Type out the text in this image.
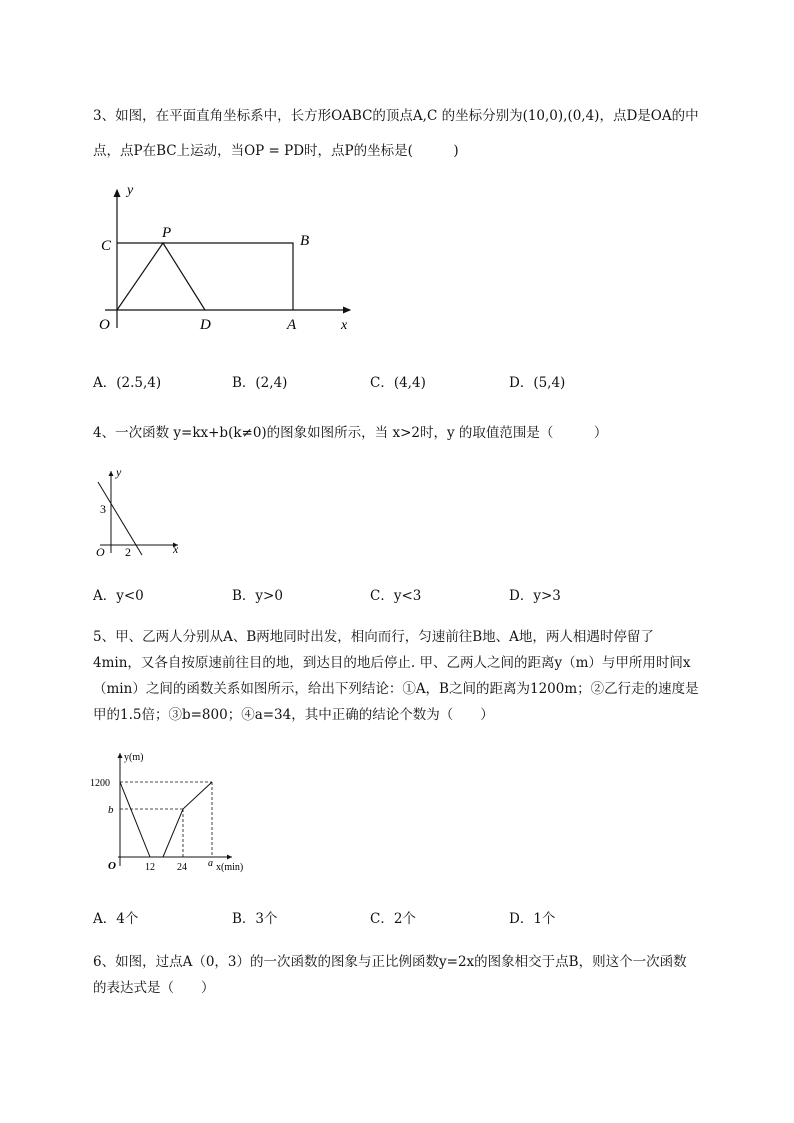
3、如图，在平面直角坐标系中，长方形OABC的顶点A,C 的坐标分别为(10,0),(0,4)，点D是OA的中
点，点P在BC上运动，当OP = PD时，点P的坐标是(　　　)
y
C
P	B
O	D	A	x
A．(2.5,4)	B．(2,4)	C．(4,4)	D．(5,4)
4、一次函数 y=kx+b(k≠0)的图象如图所示，当 x>2时，y 的取值范围是（　　　）
y
3
O 2	x
A．y<0	B．y>0	C．y<3	D．y>3
5、甲、乙两人分别从A、B两地同时出发，相向而行，匀速前往B地、A地，两人相遇时停留了
4min，又各自按原速前往目的地，到达目的地后停止. 甲、乙两人之间的距离y（m）与甲所用时间x
（min）之间的函数关系如图所示，给出下列结论：①A，B之间的距离为1200m；②乙行走的速度是
甲的1.5倍；③b=800；④a=34，其中正确的结论个数为（　　）
y(m)
1200
b
O	12 24 a x(min)
A．4个	B．3个	C．2个	D．1个
6、如图，过点A（0，3）的一次函数的图象与正比例函数y=2x的图象相交于点B，则这个一次函数
的表达式是（　　）
